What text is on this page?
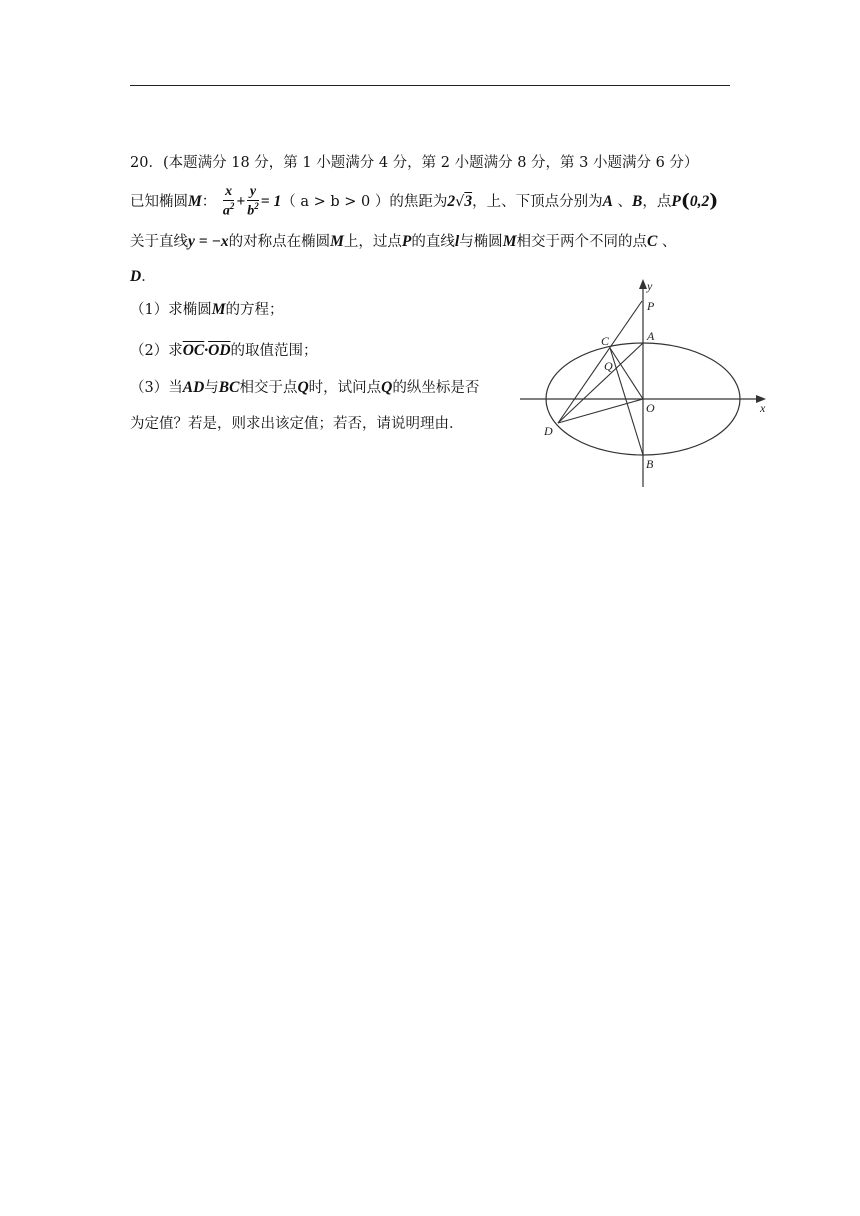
20．(本题满分 18 分，第 1 小题满分 4 分，第 2 小题满分 8 分，第 3 小题满分 6 分）
已知椭圆M： $\frac{x}{a^2} + \frac{y}{b^2} = 1$（ a > b > 0 ）的焦距为2√3，上、下顶点分别为A 、B，点P(0,2)
关于直线y = −x的对称点在椭圆M上，过点P的直线l与椭圆M相交于两个不同的点C 、
D．
（1）求椭圆M的方程；
（2）求$\overline{OC}\cdot\overline{OD}$的取值范围；
（3）当AD与BC相交于点Q时，试问点Q的纵坐标是否
为定值？若是，则求出该定值；若否，请说明理由．
y
P
A
C
Q
O	x
D
B
